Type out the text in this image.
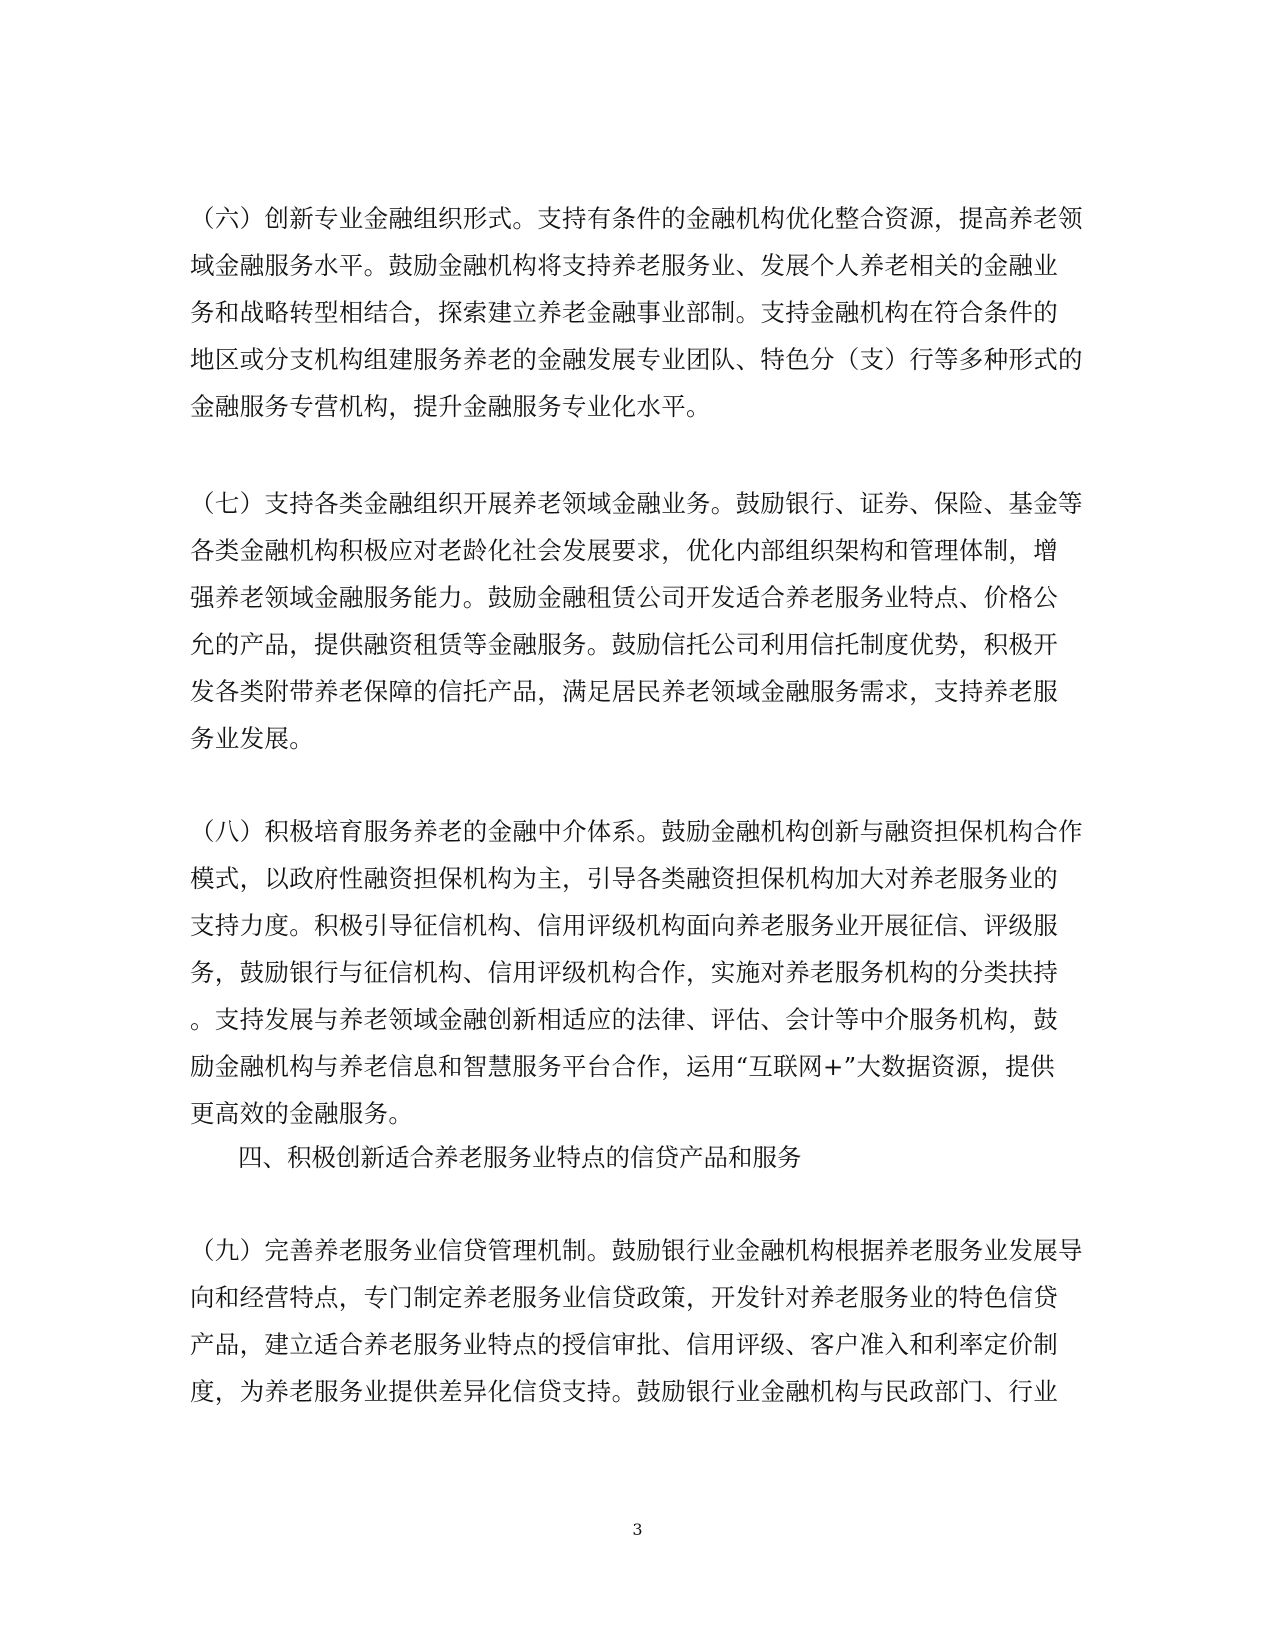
（六）创新专业金融组织形式。支持有条件的金融机构优化整合资源，提高养老领
域金融服务水平。鼓励金融机构将支持养老服务业、发展个人养老相关的金融业
务和战略转型相结合，探索建立养老金融事业部制。支持金融机构在符合条件的
地区或分支机构组建服务养老的金融发展专业团队、特色分（支）行等多种形式的
金融服务专营机构，提升金融服务专业化水平。
（七）支持各类金融组织开展养老领域金融业务。鼓励银行、证券、保险、基金等
各类金融机构积极应对老龄化社会发展要求，优化内部组织架构和管理体制，增
强养老领域金融服务能力。鼓励金融租赁公司开发适合养老服务业特点、价格公
允的产品，提供融资租赁等金融服务。鼓励信托公司利用信托制度优势，积极开
发各类附带养老保障的信托产品，满足居民养老领域金融服务需求，支持养老服
务业发展。
（八）积极培育服务养老的金融中介体系。鼓励金融机构创新与融资担保机构合作
模式，以政府性融资担保机构为主，引导各类融资担保机构加大对养老服务业的
支持力度。积极引导征信机构、信用评级机构面向养老服务业开展征信、评级服
务，鼓励银行与征信机构、信用评级机构合作，实施对养老服务机构的分类扶持
。支持发展与养老领域金融创新相适应的法律、评估、会计等中介服务机构，鼓
励金融机构与养老信息和智慧服务平台合作，运用“互联网+”大数据资源，提供
更高效的金融服务。
四、积极创新适合养老服务业特点的信贷产品和服务
（九）完善养老服务业信贷管理机制。鼓励银行业金融机构根据养老服务业发展导
向和经营特点，专门制定养老服务业信贷政策，开发针对养老服务业的特色信贷
产品，建立适合养老服务业特点的授信审批、信用评级、客户准入和利率定价制
度，为养老服务业提供差异化信贷支持。鼓励银行业金融机构与民政部门、行业
3
